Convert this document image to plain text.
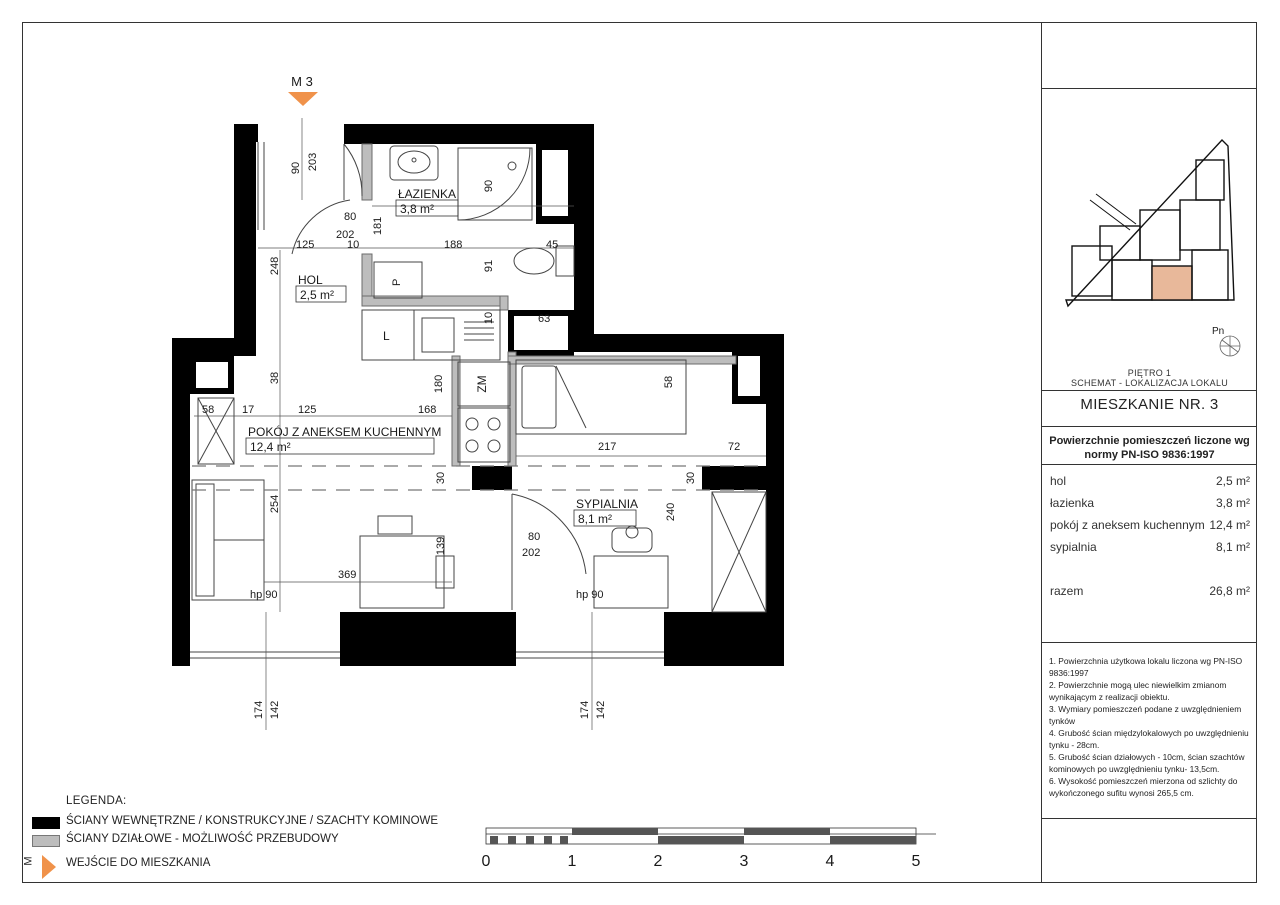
M 3
ŁAZIENKA
3,8 m²
HOL
2,5 m²
POKÓJ Z ANEKSEM KUCHENNYM
12,4 m²
SYPIALNIA
8,1 m²
P
L
ZM
90 203
80
202 181
125	10	188	45
248	91
90
10	63
38	180	58
58	17	125	168
217	72
30	30
254
139	80
202
240
369
hp 90	hp 90
174 142	174 142
0	1	2	3	4	5
Pn
PIĘTRO 1
SCHEMAT - LOKALIZACJA LOKALU
MIESZKANIE NR. 3
Powierzchnie pomieszczeń liczone wg
normy PN-ISO 9836:1997
hol	2,5 m²
łazienka	3,8 m²
pokój z aneksem kuchennym 12,4 m²
sypialnia	8,1 m²
razem	26,8 m²
1. Powierzchnia użytkowa lokalu liczona wg PN-ISO 9836:1997
2. Powierzchnie mogą ulec niewielkim zmianom wynikającym z realizacji obiektu.
3. Wymiary pomieszczeń podane z uwzględnieniem tynków
4. Grubość ścian międzylokalowych po uwzględnieniu tynku - 28cm.
5. Grubość ścian działowych - 10cm, ścian szachtów kominowych po uwzględnieniu tynku- 13,5cm.
6. Wysokość pomieszczeń mierzona od szlichty do wykończonego sufitu wynosi 265,5 cm.
LEGENDA:
ŚCIANY WEWNĘTRZNE / KONSTRUKCYJNE / SZACHTY KOMINOWE
ŚCIANY DZIAŁOWE - MOŻLIWOŚĆ PRZEBUDOWY
M	WEJŚCIE DO MIESZKANIA
